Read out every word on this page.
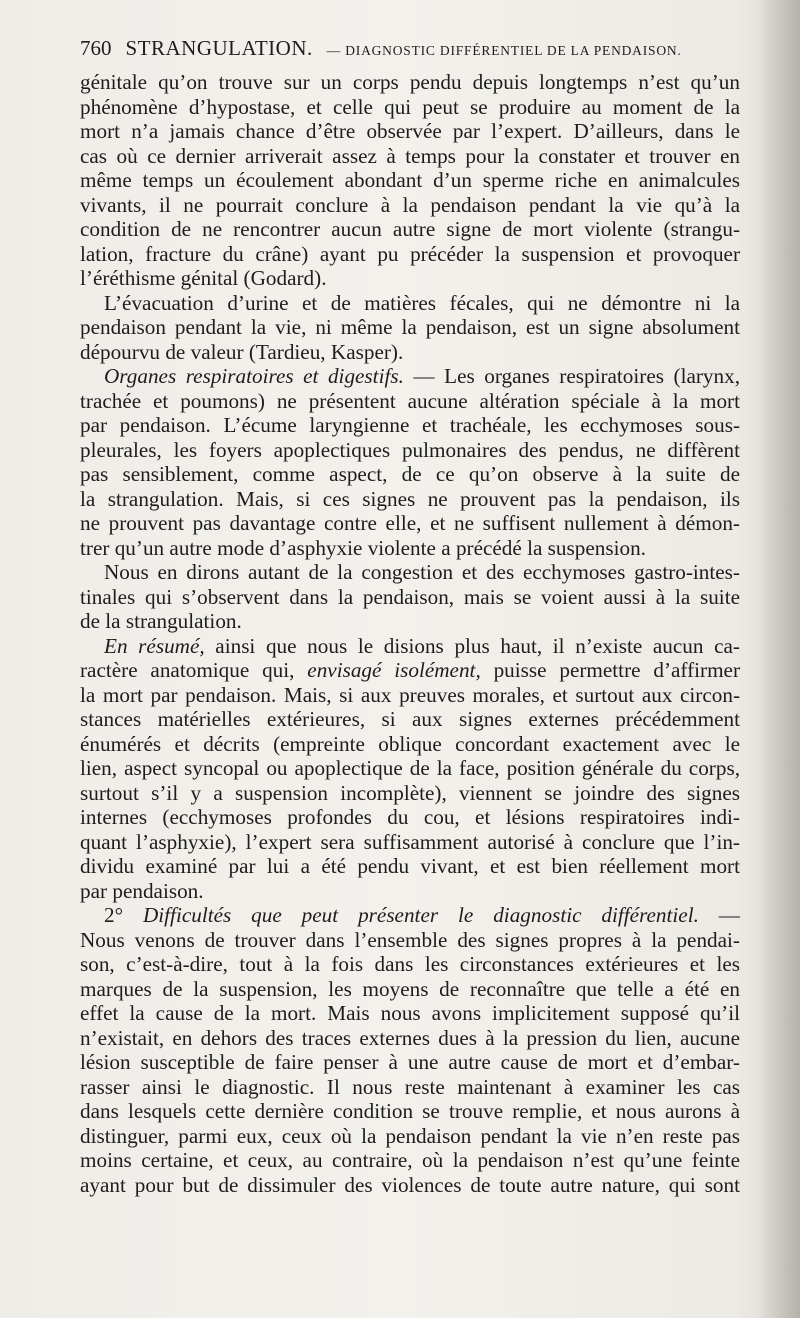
760 STRANGULATION. — DIAGNOSTIC DIFFÉRENTIEL DE LA PENDAISON.
génitale qu’on trouve sur un corps pendu depuis longtemps n’est qu’un
phénomène d’hypostase, et celle qui peut se produire au moment de la
mort n’a jamais chance d’être observée par l’expert. D’ailleurs, dans le
cas où ce dernier arriverait assez à temps pour la constater et trouver en
même temps un écoulement abondant d’un sperme riche en animalcules
vivants, il ne pourrait conclure à la pendaison pendant la vie qu’à la
condition de ne rencontrer aucun autre signe de mort violente (strangu-
lation, fracture du crâne) ayant pu précéder la suspension et provoquer
l’éréthisme génital (Godard).
L’évacuation d’urine et de matières fécales, qui ne démontre ni la
pendaison pendant la vie, ni même la pendaison, est un signe absolument
dépourvu de valeur (Tardieu, Kasper).
Organes respiratoires et digestifs. — Les organes respiratoires (larynx,
trachée et poumons) ne présentent aucune altération spéciale à la mort
par pendaison. L’écume laryngienne et trachéale, les ecchymoses sous-
pleurales, les foyers apoplectiques pulmonaires des pendus, ne diffèrent
pas sensiblement, comme aspect, de ce qu’on observe à la suite de
la strangulation. Mais, si ces signes ne prouvent pas la pendaison, ils
ne prouvent pas davantage contre elle, et ne suffisent nullement à démon-
trer qu’un autre mode d’asphyxie violente a précédé la suspension.
Nous en dirons autant de la congestion et des ecchymoses gastro-intes-
tinales qui s’observent dans la pendaison, mais se voient aussi à la suite
de la strangulation.
En résumé, ainsi que nous le disions plus haut, il n’existe aucun ca-
ractère anatomique qui, envisagé isolément, puisse permettre d’affirmer
la mort par pendaison. Mais, si aux preuves morales, et surtout aux circon-
stances matérielles extérieures, si aux signes externes précédemment
énumérés et décrits (empreinte oblique concordant exactement avec le
lien, aspect syncopal ou apoplectique de la face, position générale du corps,
surtout s’il y a suspension incomplète), viennent se joindre des signes
internes (ecchymoses profondes du cou, et lésions respiratoires indi-
quant l’asphyxie), l’expert sera suffisamment autorisé à conclure que l’in-
dividu examiné par lui a été pendu vivant, et est bien réellement mort
par pendaison.
2° Difficultés que peut présenter le diagnostic différentiel. —
Nous venons de trouver dans l’ensemble des signes propres à la pendai-
son, c’est-à-dire, tout à la fois dans les circonstances extérieures et les
marques de la suspension, les moyens de reconnaître que telle a été en
effet la cause de la mort. Mais nous avons implicitement supposé qu’il
n’existait, en dehors des traces externes dues à la pression du lien, aucune
lésion susceptible de faire penser à une autre cause de mort et d’embar-
rasser ainsi le diagnostic. Il nous reste maintenant à examiner les cas
dans lesquels cette dernière condition se trouve remplie, et nous aurons à
distinguer, parmi eux, ceux où la pendaison pendant la vie n’en reste pas
moins certaine, et ceux, au contraire, où la pendaison n’est qu’une feinte
ayant pour but de dissimuler des violences de toute autre nature, qui sont
